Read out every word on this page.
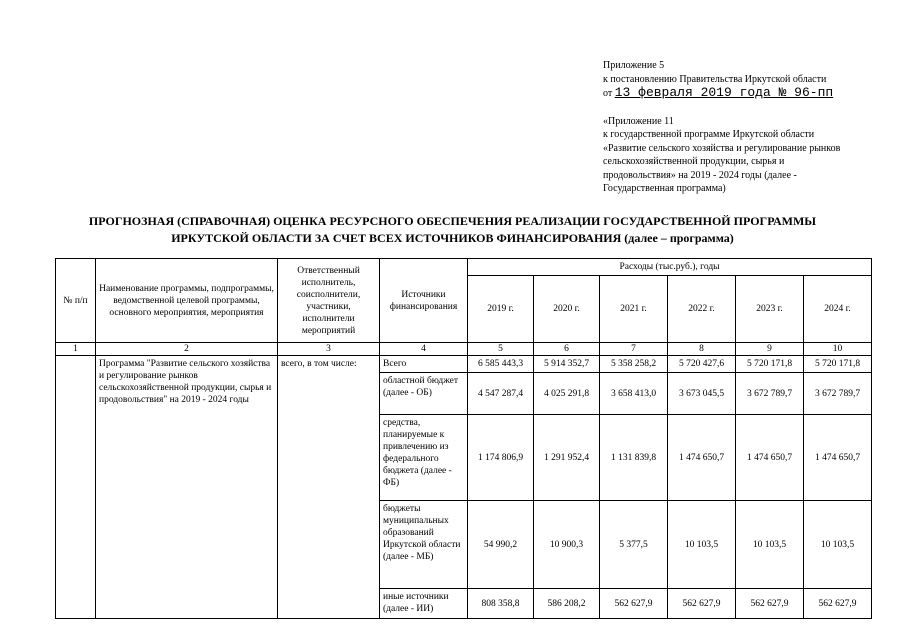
Приложение 5
к постановлению Правительства Иркутской области
от 13 февраля 2019 года № 96-пп
«Приложение 11
к государственной программе Иркутской области
«Развитие сельского хозяйства и регулирование рынков
сельскохозяйственной продукции, сырья и
продовольствия» на 2019 - 2024 годы (далее -
Государственная программа)
ПРОГНОЗНАЯ (СПРАВОЧНАЯ) ОЦЕНКА РЕСУРСНОГО ОБЕСПЕЧЕНИЯ РЕАЛИЗАЦИИ ГОСУДАРСТВЕННОЙ ПРОГРАММЫ
ИРКУТСКОЙ ОБЛАСТИ ЗА СЧЕТ ВСЕХ ИСТОЧНИКОВ ФИНАНСИРОВАНИЯ (далее – программа)
№ п/п	Наименование программы, подпрограммы, ведомственной целевой программы, основного мероприятия, мероприятия	Ответственный исполнитель, соисполнители, участники, исполнители мероприятий	Источники финансирования	Расходы (тыс.руб.), годы					
				2019 г.	2020 г.	2021 г.	2022 г.	2023 г.	2024 г.
1	2	3	4	5	6	7	8	9	10
	Программа "Развитие сельского хозяйства и регулирование рынков сельскохозяйственной продукции, сырья и продовольствия" на 2019 - 2024 годы	всего, в том числе:	Всего	6 585 443,3	5 914 352,7	5 358 258,2	5 720 427,6	5 720 171,8	5 720 171,8
			областной бюджет (далее - ОБ)	4 547 287,4	4 025 291,8	3 658 413,0	3 673 045,5	3 672 789,7	3 672 789,7
			средства, планируемые к привлечению из федерального бюджета (далее - ФБ)	1 174 806,9	1 291 952,4	1 131 839,8	1 474 650,7	1 474 650,7	1 474 650,7
			бюджеты муниципальных образований Иркутской области (далее - МБ)	54 990,2	10 900,3	5 377,5	10 103,5	10 103,5	10 103,5
			иные источники (далее - ИИ)	808 358,8	586 208,2	562 627,9	562 627,9	562 627,9	562 627,9
